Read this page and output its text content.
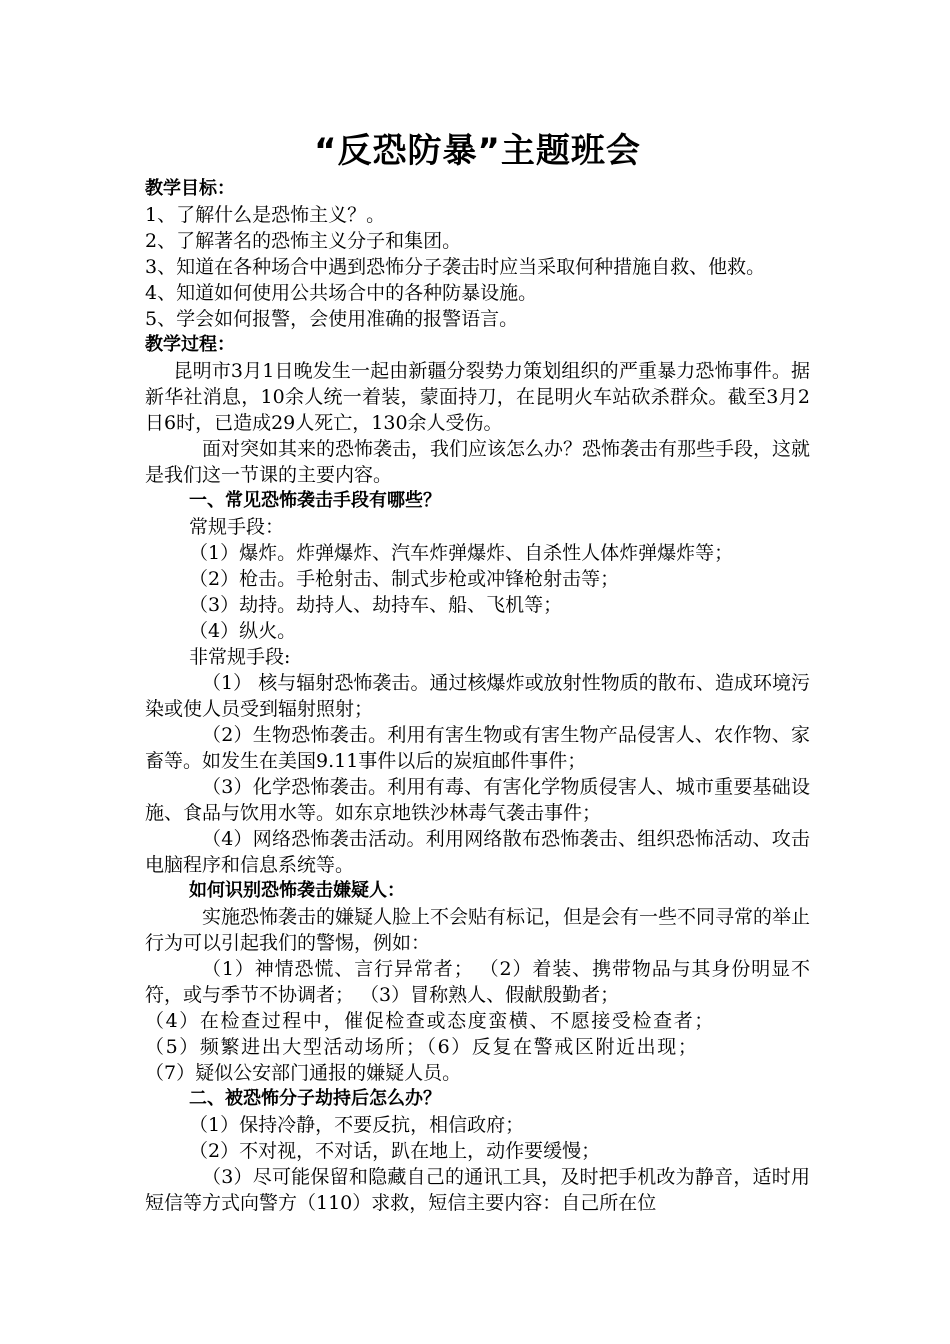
“反恐防暴”主题班会

教学目标：

1、了解什么是恐怖主义？。

2、了解著名的恐怖主义分子和集团。

3、知道在各种场合中遇到恐怖分子袭击时应当采取何种措施自救、他救。

4、知道如何使用公共场合中的各种防暴设施。

5、学会如何报警，会使用准确的报警语言。

教学过程：

昆明市3月1日晚发生一起由新疆分裂势力策划组织的严重暴力恐怖事件。据新华社消息，10余人统一着装，蒙面持刀，在昆明火车站砍杀群众。截至3月2日6时，已造成29人死亡，130余人受伤。

面对突如其来的恐怖袭击，我们应该怎么办？恐怖袭击有那些手段，这就是我们这一节课的主要内容。

一、常见恐怖袭击手段有哪些？

常规手段：

（1）爆炸。炸弹爆炸、汽车炸弹爆炸、自杀性人体炸弹爆炸等；

（2）枪击。手枪射击、制式步枪或冲锋枪射击等；

（3）劫持。劫持人、劫持车、船、飞机等；

（4）纵火。

非常规手段:

（1） 核与辐射恐怖袭击。通过核爆炸或放射性物质的散布、造成环境污染或使人员受到辐射照射；

（2）生物恐怖袭击。利用有害生物或有害生物产品侵害人、农作物、家畜等。如发生在美国9.11事件以后的炭疽邮件事件；

（3）化学恐怖袭击。利用有毒、有害化学物质侵害人、城市重要基础设施、食品与饮用水等。如东京地铁沙林毒气袭击事件；

（4）网络恐怖袭击活动。利用网络散布恐怖袭击、组织恐怖活动、攻击电脑程序和信息系统等。

如何识别恐怖袭击嫌疑人：

实施恐怖袭击的嫌疑人脸上不会贴有标记，但是会有一些不同寻常的举止行为可以引起我们的警惕，例如：

（1）神情恐慌、言行异常者； （2）着装、携带物品与其身份明显不符，或与季节不协调者； （3）冒称熟人、假献殷勤者；

（4）在检查过程中，催促检查或态度蛮横、不愿接受检查者；

（5）频繁进出大型活动场所；（6）反复在警戒区附近出现；

（7）疑似公安部门通报的嫌疑人员。

二、被恐怖分子劫持后怎么办？

（1）保持冷静，不要反抗，相信政府；

（2）不对视，不对话，趴在地上，动作要缓慢；

（3）尽可能保留和隐藏自己的通讯工具，及时把手机改为静音，适时用短信等方式向警方（110）求救，短信主要内容：自己所在位
